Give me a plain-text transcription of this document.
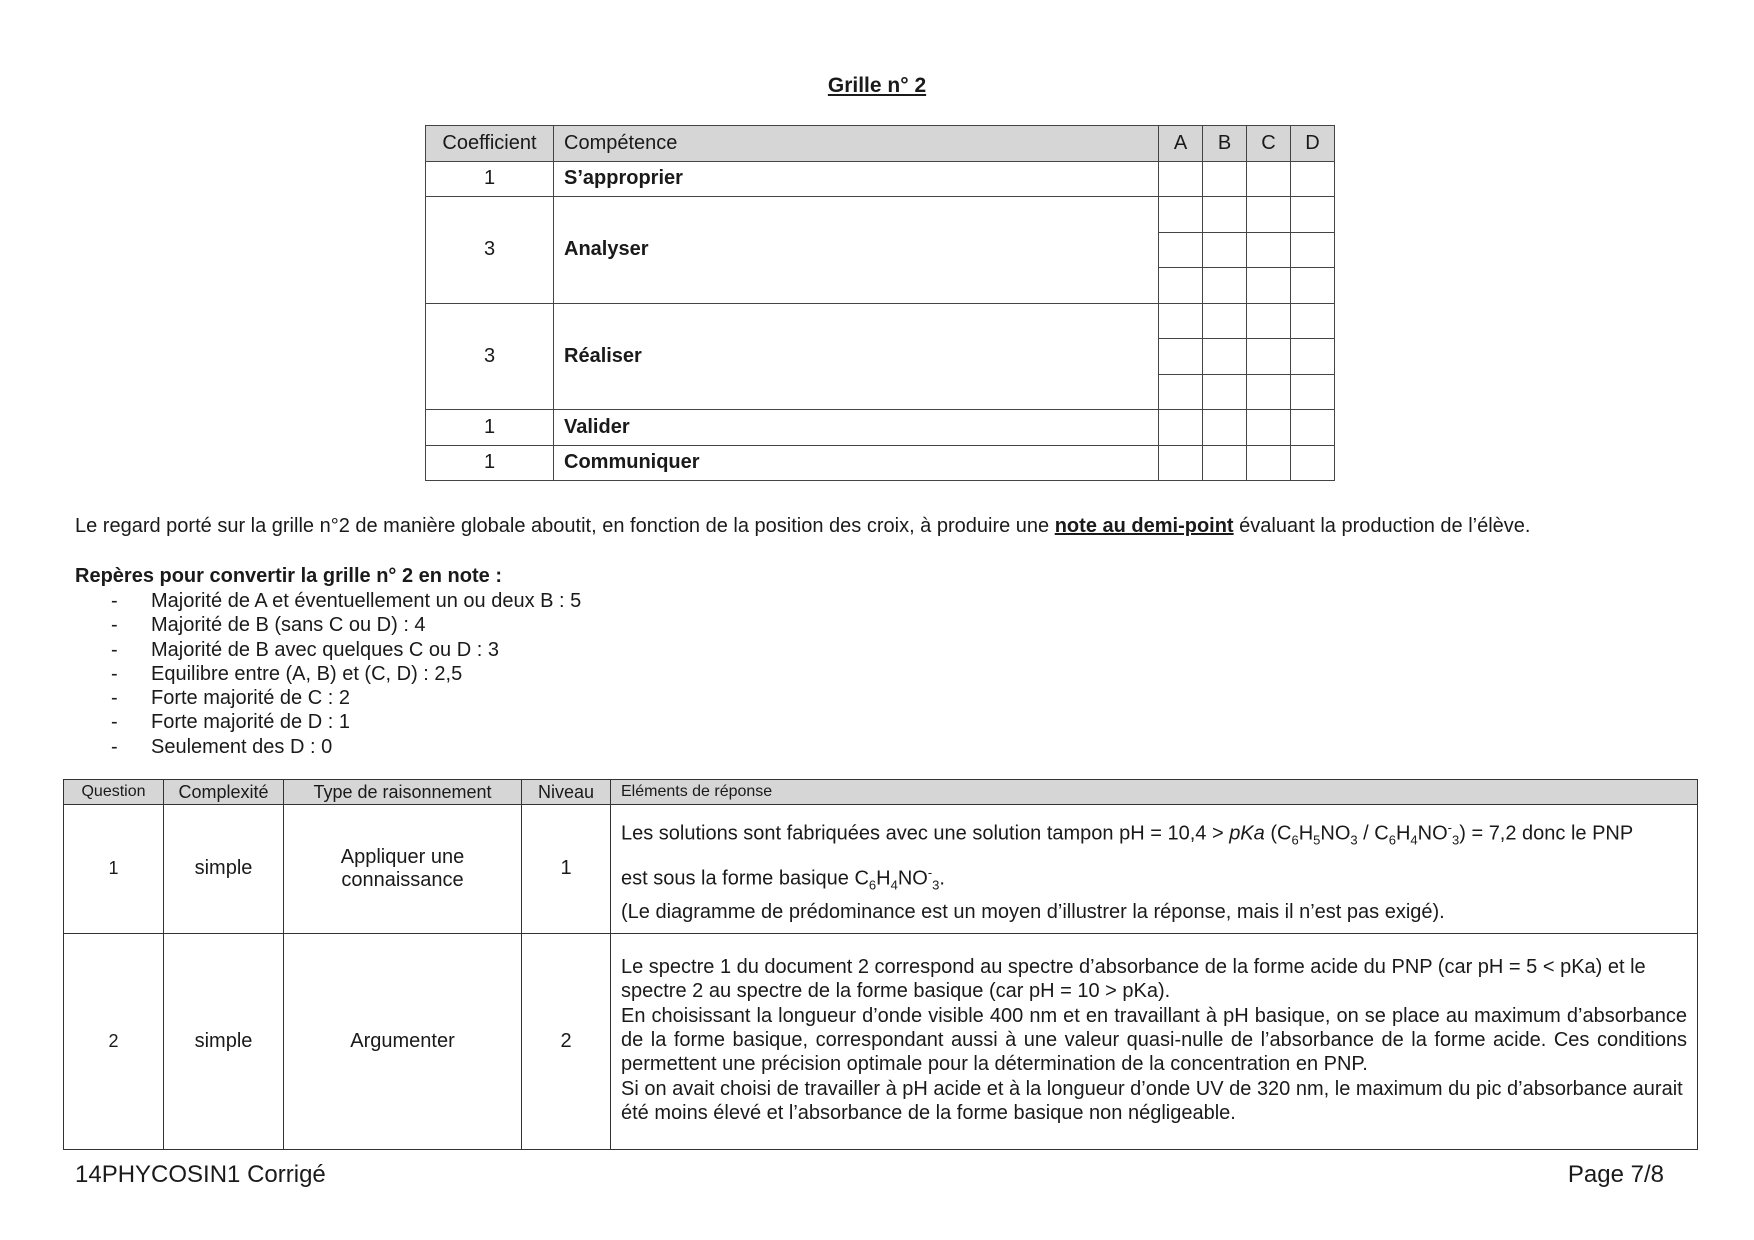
Grille n° 2
Coefficient	Compétence	A	B	C	D
1	S’approprier				
3	Analyser				

3	Réaliser				

1	Valider				
1	Communiquer				
Le regard porté sur la grille n°2 de manière globale aboutit, en fonction de la position des croix, à produire une note au demi-point évaluant la production de l’élève.
Repères pour convertir la grille n° 2 en note :
- Majorité de A et éventuellement un ou deux B : 5
- Majorité de B (sans C ou D) : 4
- Majorité de B avec quelques C ou D : 3
- Equilibre entre (A, B) et (C, D) : 2,5
- Forte majorité de C : 2
- Forte majorité de D : 1
- Seulement des D : 0
Question	Complexité	Type de raisonnement	Niveau	Eléments de réponse
1	simple	Appliquer une connaissance	1	Les solutions sont fabriquées avec une solution tampon pH = 10,4 > pKa $(C_6H_5NO_3 / C_6H_4NO^-_3) = 7,2$ donc le PNP

est sous la forme basique $C_6H_4NO^-_3$.

(Le diagramme de prédominance est un moyen d’illustrer la réponse, mais il n’est pas exigé).

2	simple	Argumenter	2	Le spectre 1 du document 2 correspond au spectre d’absorbance de la forme acide du PNP (car pH = 5 < pKa) et le spectre 2 au spectre de la forme basique (car pH = 10 > pKa).

En choisissant la longueur d’onde visible 400 nm et en travaillant à pH basique, on se place au maximum d’absorbance de la forme basique, correspondant aussi à une valeur quasi-nulle de l’absorbance de la forme acide. Ces conditions permettent une précision optimale pour la détermination de la concentration en PNP.

Si on avait choisi de travailler à pH acide et à la longueur d’onde UV de 320 nm, le maximum du pic d’absorbance aurait été moins élevé et l’absorbance de la forme basique non négligeable.

14PHYCOSIN1 Corrigé	Page 7/8
